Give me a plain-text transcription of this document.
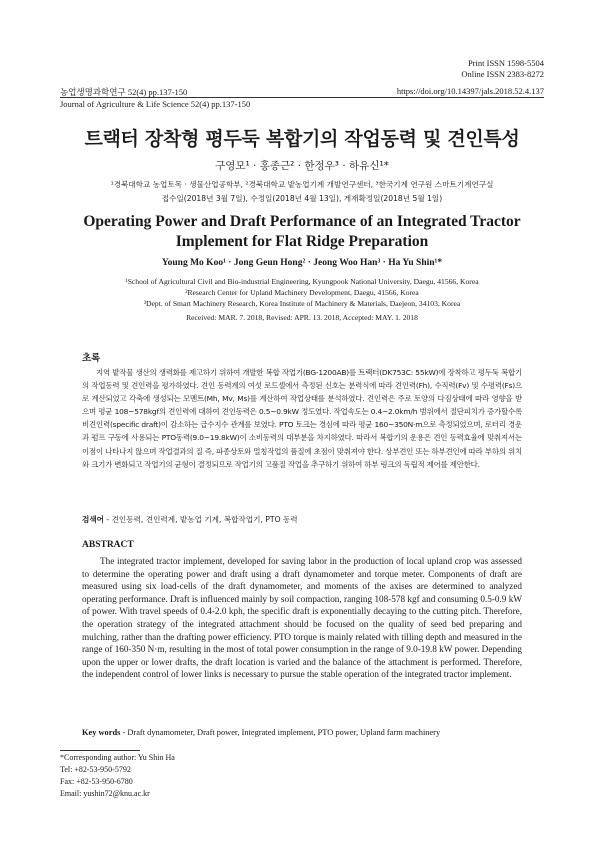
Print ISSN 1598-5504
Online ISSN 2383-8272
농업생명과학연구 52(4) pp.137-150	https://doi.org/10.14397/jals.2018.52.4.137
Journal of Agriculture & Life Science 52(4) pp.137-150
트랙터 장착형 평두둑 복합기의 작업동력 및 견인특성
구영모¹ · 홍종근² · 한정우³ · 하유신¹*
¹경북대학교 농업토목 · 생물산업공학부, ²경북대학교 밭농업기계 개발연구센터, ³한국기계 연구원 스마트기계연구실
접수일(2018년 3월 7일), 수정일(2018년 4월 13일), 게재확정일(2018년 5월 1일)
Operating Power and Draft Performance of an Integrated Tractor Implement for Flat Ridge Preparation
Young Mo Koo¹ · Jong Geun Hong² · Jeong Woo Han³ · Ha Yu Shin¹*
¹School of Agricultural Civil and Bio-industrial Engineering, Kyungpook National University, Daegu, 41566, Korea
²Research Center for Upland Machinery Development, Daegu, 41566, Korea
³Dept. of Smart Machinery Research, Korea Institute of Machinery & Materials, Daejeon, 34103, Korea
Received: MAR. 7. 2018, Revised: APR. 13. 2018, Accepted: MAY. 1. 2018
초록
지역 밭작물 생산의 생력화를 제고하기 위하여 개발한 복합 작업기(BG-1200AB)를 트랙터(DK753C: 55kW)에 장착하고 평두둑 복합기의 작업동력 및 견인력을 평가하였다. 견인 동력계의 여섯 로드셀에서 측정된 신호는 분력식에 따라 견인력(Fh), 수직력(Fv) 및 수평력(Fs)으로 계산되었고 각축에 생성되는 모멘트(Mh, Mv, Ms)를 계산하여 작업상태를 분석하였다. 견인력은 주로 토양의 다짐상태에 따라 영향을 받으며 평균 108~578kgf의 견인력에 대하여 견인동력은 0.5~0.9kW 정도였다. 작업속도는 0.4~2.0km/h 범위에서 절단피치가 증가할수록 비견인력(specific draft)이 감소하는 급수지수 관계를 보였다. PTO 토크는 경심에 따라 평균 160~350N·m으로 측정되었으며, 로터리 경운과 펌프 구동에 사용되는 PTO동력(9.0~19.8kW)이 소비동력의 대부분을 차지하였다. 따라서 복합기의 운용은 견인 동력효율에 맞춰져서는 이점이 나타나지 않으며 작업결과의 질 즉, 파종상토와 멀칭작업의 품질에 초점이 맞춰져야 한다. 상부견인 또는 하부견인에 따라 부하의 위치와 크기가 변화되고 작업기의 균형이 결정되므로 작업기의 고품질 작업을 추구하기 위하여 하부 링크의 독립적 제어를 제안한다.
검색어 - 견인동력, 견인력계, 밭농업 기계, 복합작업기, PTO 동력
ABSTRACT
The integrated tractor implement, developed for saving labor in the production of local upland crop was assessed to determine the operating power and draft using a draft dynamometer and torque meter. Components of draft are measured using six load-cells of the draft dynamometer, and moments of the axises are determined to analyzed operating performance. Draft is influenced mainly by soil compaction, ranging 108-578 kgf and consuming 0.5-0.9 kW of power. With travel speeds of 0.4-2.0 kph, the specific draft is exponentially decaying to the cutting pitch. Therefore, the operation strategy of the integrated attachment should be focused on the quality of seed bed preparing and mulching, rather than the drafting power efficiency. PTO torque is mainly related with tilling depth and measured in the range of 160-350 N·m, resulting in the most of total power consumption in the range of 9.0-19.8 kW power. Depending upon the upper or lower drafts, the draft location is varied and the balance of the attachment is performed. Therefore, the independent control of lower links is necessary to pursue the stable operation of the integrated tractor implement.
Key words - Draft dynamometer, Draft power, Integrated implement, PTO power, Upland farm machinery
*Corresponding author: Yu Shin Ha
Tel: +82-53-950-5792
Fax: +82-53-950-6780
Email: yushin72@knu.ac.kr
